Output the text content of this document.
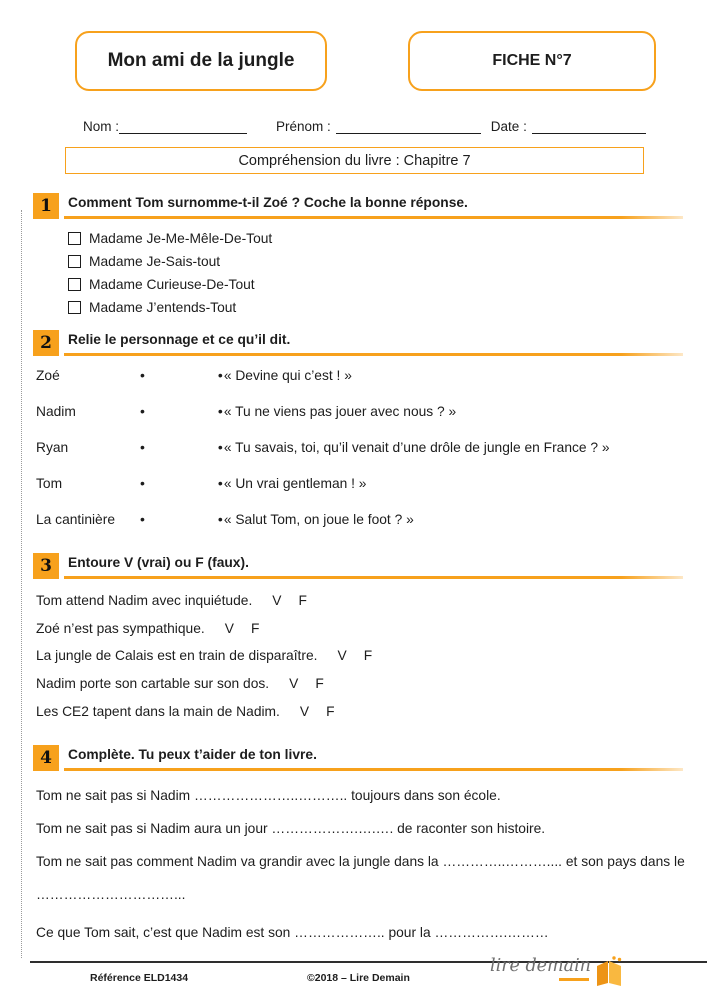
Mon ami de la jungle	FICHE N°7
Nom :	Prénom :	Date :
Compréhension du livre : Chapitre 7
1	Comment Tom surnomme-t-il Zoé ? Coche la bonne réponse.
Madame Je-Me-Mêle-De-Tout
Madame Je-Sais-tout
Madame Curieuse-De-Tout
Madame J’entends-Tout
2	Relie le personnage et ce qu’il dit.
Zoé	•	• « Devine qui c’est ! »
Nadim	•	• « Tu ne viens pas jouer avec nous ? »
Ryan	•	• « Tu savais, toi, qu’il venait d’une drôle de jungle en France ? »
Tom	•	• « Un vrai gentleman ! »
La cantinière	•	• « Salut Tom, on joue le foot ? »
3	Entoure V (vrai) ou F (faux).
Tom attend Nadim avec inquiétude. V F
Zoé n’est pas sympathique. V F
La jungle de Calais est en train de disparaître. V F
Nadim porte son cartable sur son dos. V F
Les CE2 tapent dans la main de Nadim. V F
4	Complète. Tu peux t’aider de ton livre.

Tom ne sait pas si Nadim …………………..……….. toujours dans son école.

Tom ne sait pas si Nadim aura un jour ……………….….…. de raconter son histoire.

Tom ne sait pas comment Nadim va grandir avec la jungle dans la …………..……….... et son pays dans le …………………………...

Ce que Tom sait, c’est que Nadim est son ……………….. pour la …………….………

Référence ELD1434	©2018 – Lire Demain
lire demain
